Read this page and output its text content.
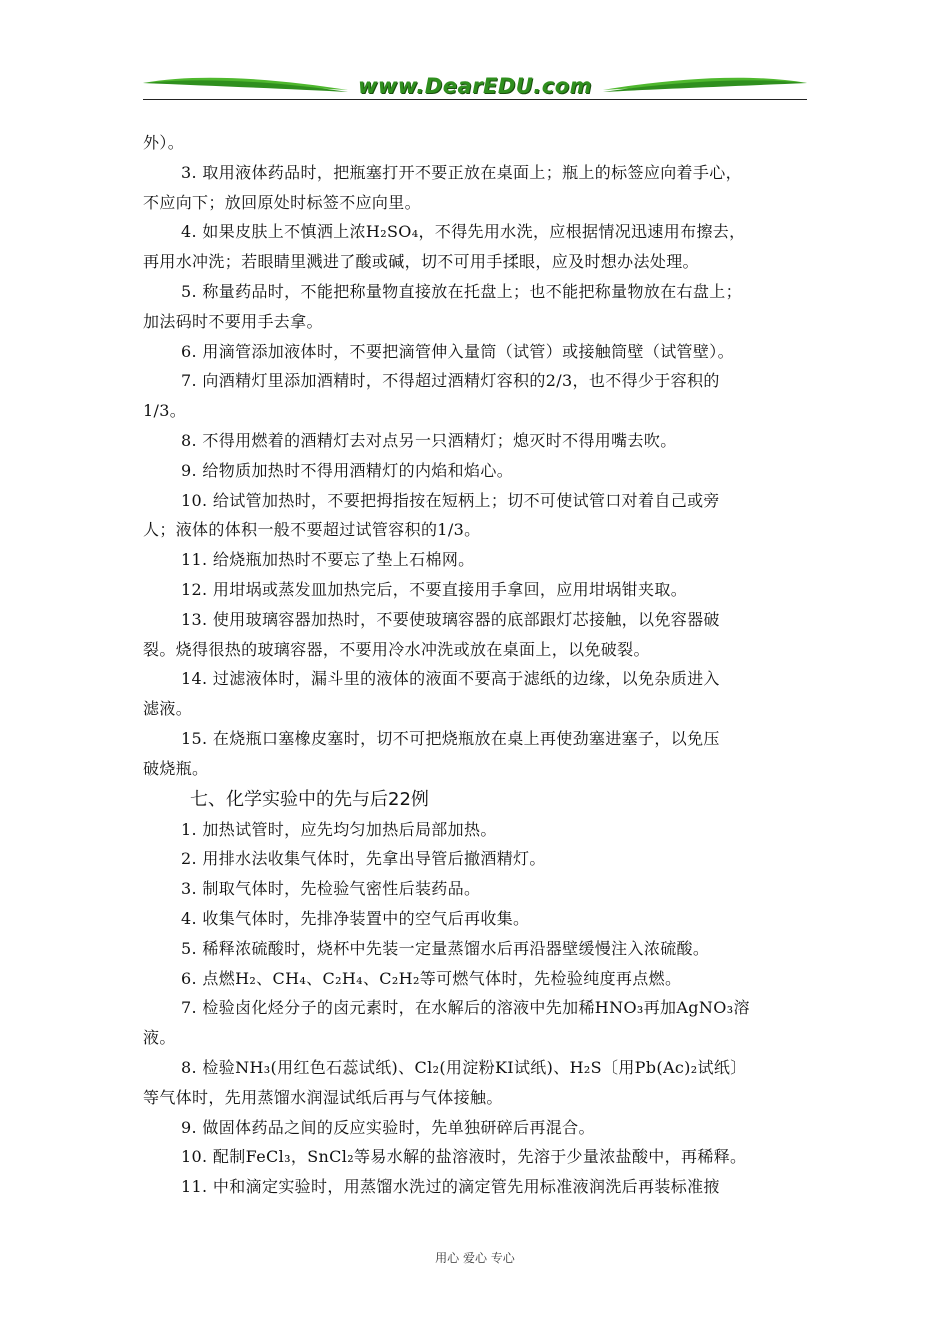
www.DearEDU.com
外）。
3. 取用液体药品时，把瓶塞打开不要正放在桌面上；瓶上的标签应向着手心，
不应向下；放回原处时标签不应向里。
4. 如果皮肤上不慎洒上浓H₂SO₄，不得先用水洗，应根据情况迅速用布擦去，
再用水冲洗；若眼睛里溅进了酸或碱，切不可用手揉眼，应及时想办法处理。
5. 称量药品时，不能把称量物直接放在托盘上；也不能把称量物放在右盘上；
加法码时不要用手去拿。
6. 用滴管添加液体时，不要把滴管伸入量筒（试管）或接触筒壁（试管壁）。
7. 向酒精灯里添加酒精时，不得超过酒精灯容积的2/3，也不得少于容积的
1/3。
8. 不得用燃着的酒精灯去对点另一只酒精灯；熄灭时不得用嘴去吹。
9. 给物质加热时不得用酒精灯的内焰和焰心。
10. 给试管加热时，不要把拇指按在短柄上；切不可使试管口对着自己或旁
人；液体的体积一般不要超过试管容积的1/3。
11. 给烧瓶加热时不要忘了垫上石棉网。
12. 用坩埚或蒸发皿加热完后，不要直接用手拿回，应用坩埚钳夹取。
13. 使用玻璃容器加热时，不要使玻璃容器的底部跟灯芯接触，以免容器破
裂。烧得很热的玻璃容器，不要用冷水冲洗或放在桌面上，以免破裂。
14. 过滤液体时，漏斗里的液体的液面不要高于滤纸的边缘，以免杂质进入
滤液。
15. 在烧瓶口塞橡皮塞时，切不可把烧瓶放在桌上再使劲塞进塞子，以免压
破烧瓶。
七、化学实验中的先与后22例
1. 加热试管时，应先均匀加热后局部加热。
2. 用排水法收集气体时，先拿出导管后撤酒精灯。
3. 制取气体时，先检验气密性后装药品。
4. 收集气体时，先排净装置中的空气后再收集。
5. 稀释浓硫酸时，烧杯中先装一定量蒸馏水后再沿器壁缓慢注入浓硫酸。
6. 点燃H₂、CH₄、C₂H₄、C₂H₂等可燃气体时，先检验纯度再点燃。
7. 检验卤化烃分子的卤元素时，在水解后的溶液中先加稀HNO₃再加AgNO₃溶
液。
8. 检验NH₃(用红色石蕊试纸)、Cl₂(用淀粉KI试纸)、H₂S〔用Pb(Ac)₂试纸〕
等气体时，先用蒸馏水润湿试纸后再与气体接触。
9. 做固体药品之间的反应实验时，先单独研碎后再混合。
10. 配制FeCl₃，SnCl₂等易水解的盐溶液时，先溶于少量浓盐酸中，再稀释。
11. 中和滴定实验时，用蒸馏水洗过的滴定管先用标准液润洗后再装标准掖
用心 爱心 专心
